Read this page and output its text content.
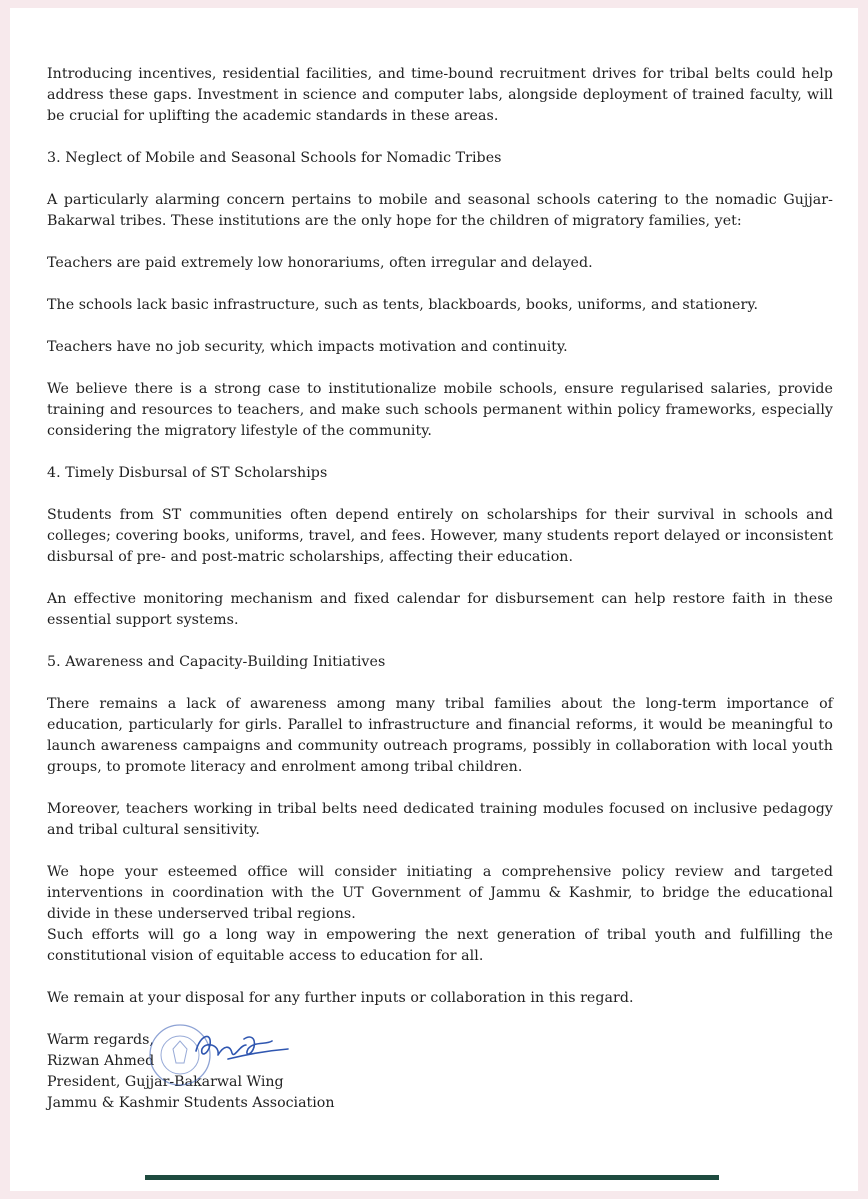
Introducing incentives, residential facilities, and time-bound recruitment drives for tribal belts could help address these gaps. Investment in science and computer labs, alongside deployment of trained faculty, will be crucial for uplifting the academic standards in these areas.

3. Neglect of Mobile and Seasonal Schools for Nomadic Tribes

A particularly alarming concern pertains to mobile and seasonal schools catering to the nomadic Gujjar-Bakarwal tribes. These institutions are the only hope for the children of migratory families, yet:

Teachers are paid extremely low honorariums, often irregular and delayed.

The schools lack basic infrastructure, such as tents, blackboards, books, uniforms, and stationery.

Teachers have no job security, which impacts motivation and continuity.

We believe there is a strong case to institutionalize mobile schools, ensure regularised salaries, provide training and resources to teachers, and make such schools permanent within policy frameworks, especially considering the migratory lifestyle of the community.

4. Timely Disbursal of ST Scholarships

Students from ST communities often depend entirely on scholarships for their survival in schools and colleges; covering books, uniforms, travel, and fees. However, many students report delayed or inconsistent disbursal of pre- and post-matric scholarships, affecting their education.

An effective monitoring mechanism and fixed calendar for disbursement can help restore faith in these essential support systems.

5. Awareness and Capacity-Building Initiatives

There remains a lack of awareness among many tribal families about the long-term importance of education, particularly for girls. Parallel to infrastructure and financial reforms, it would be meaningful to launch awareness campaigns and community outreach programs, possibly in collaboration with local youth groups, to promote literacy and enrolment among tribal children.

Moreover, teachers working in tribal belts need dedicated training modules focused on inclusive pedagogy and tribal cultural sensitivity.

We hope your esteemed office will consider initiating a comprehensive policy review and targeted interventions in coordination with the UT Government of Jammu & Kashmir, to bridge the educational divide in these underserved tribal regions.

Such efforts will go a long way in empowering the next generation of tribal youth and fulfilling the constitutional vision of equitable access to education for all.

We remain at your disposal for any further inputs or collaboration in this regard.

Warm regards,
Rizwan Ahmed
President, Gujjar-Bakarwal Wing
Jammu & Kashmir Students Association
